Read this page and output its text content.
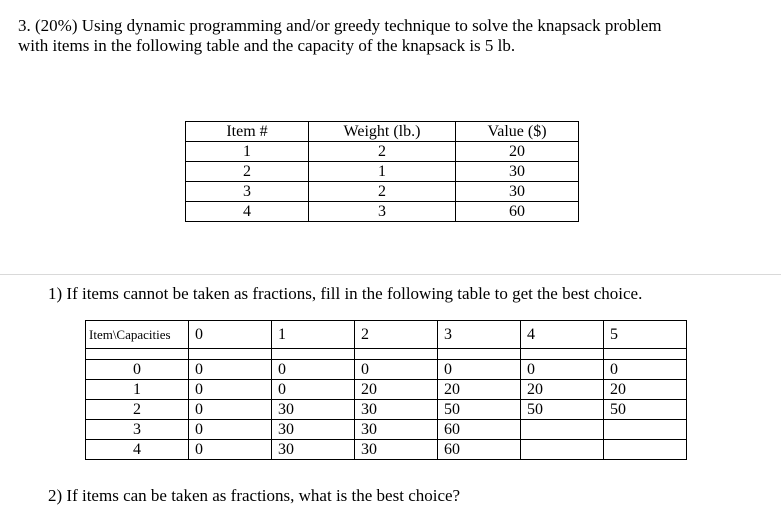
3. (20%) Using dynamic programming and/or greedy technique to solve the knapsack problem
with items in the following table and the capacity of the knapsack is 5 lb.
Item #	Weight (lb.)	Value ($)
1	2	20
2	1	30
3	2	30
4	3	60
1) If items cannot be taken as fractions, fill in the following table to get the best choice.
Item\Capacities	0	1	2	3	4	5

0	0	0	0	0	0	0
1	0	0	20	20	20	20
2	0	30	30	50	50	50
3	0	30	30	60		
4	0	30	30	60		
2) If items can be taken as fractions, what is the best choice?
